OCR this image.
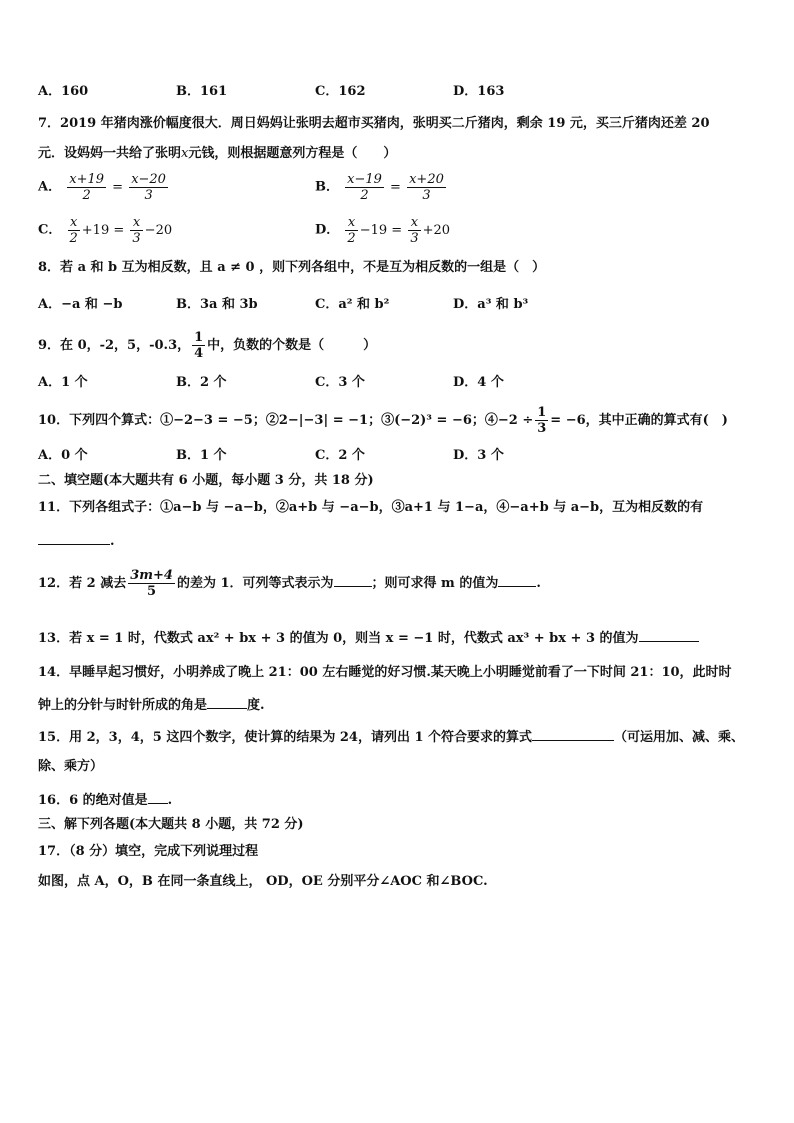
A．160	B．161	C．162	D．163
7．2019 年猪肉涨价幅度很大．周日妈妈让张明去超市买猪肉，张明买二斤猪肉，剩余 19 元，买三斤猪肉还差 20
元．设妈妈一共给了张明x元钱，则根据题意列方程是（　　）
A． $\frac{x+19}{2} = \frac{x-20}{3}$	B． $\frac{x-19}{2} = \frac{x+20}{3}$
C． $\frac{x}{2} +19 = \frac{x}{3} -20$	D． $\frac{x}{2} -19 = \frac{x}{3} +20$
8．若 a 和 b 互为相反数，且 a ≠ 0 ，则下列各组中，不是互为相反数的一组是（　）
A．−a 和 −b	B．3a 和 3b	C．a² 和 b²	D．a³ 和 b³
9．在 0，-2，5，-0.3， $\frac{1}{4}$ 中，负数的个数是（　　　）
A．1 个	B．2 个	C．3 个	D．4 个
10．下列四个算式：①−2−3 = −5；②2−|−3| = −1；③(−2)³ = −6；④−2 ÷ $\frac{1}{3} = -6$，其中正确的算式有(　)
A．0 个	B．1 个	C．2 个	D．3 个
二、填空题(本大题共有 6 小题，每小题 3 分，共 18 分)
11．下列各组式子：①a−b 与 −a−b，②a+b 与 −a−b，③a+1 与 1−a，④−a+b 与 a−b，互为相反数的有
.
12．若 2 减去 $\frac{3m+4}{5}$ 的差为 1．可列等式表示为	；则可求得 m 的值为	.
13．若 x = 1 时，代数式 ax² + bx + 3 的值为 0，则当 x = −1 时，代数式 ax³ + bx + 3 的值为
14．早睡早起习惯好，小明养成了晚上 21：00 左右睡觉的好习惯.某天晚上小明睡觉前看了一下时间 21：10，此时时
钟上的分针与时针所成的角是	度.
15．用 2，3，4，5 这四个数字，使计算的结果为 24，请列出 1 个符合要求的算式	（可运用加、减、乘、
除、乘方）
16．6 的绝对值是 .
三、解下列各题(本大题共 8 小题，共 72 分)
17．（8 分）填空，完成下列说理过程
如图，点 A，O，B 在同一条直线上， OD，OE 分别平分∠AOC 和∠BOC.
